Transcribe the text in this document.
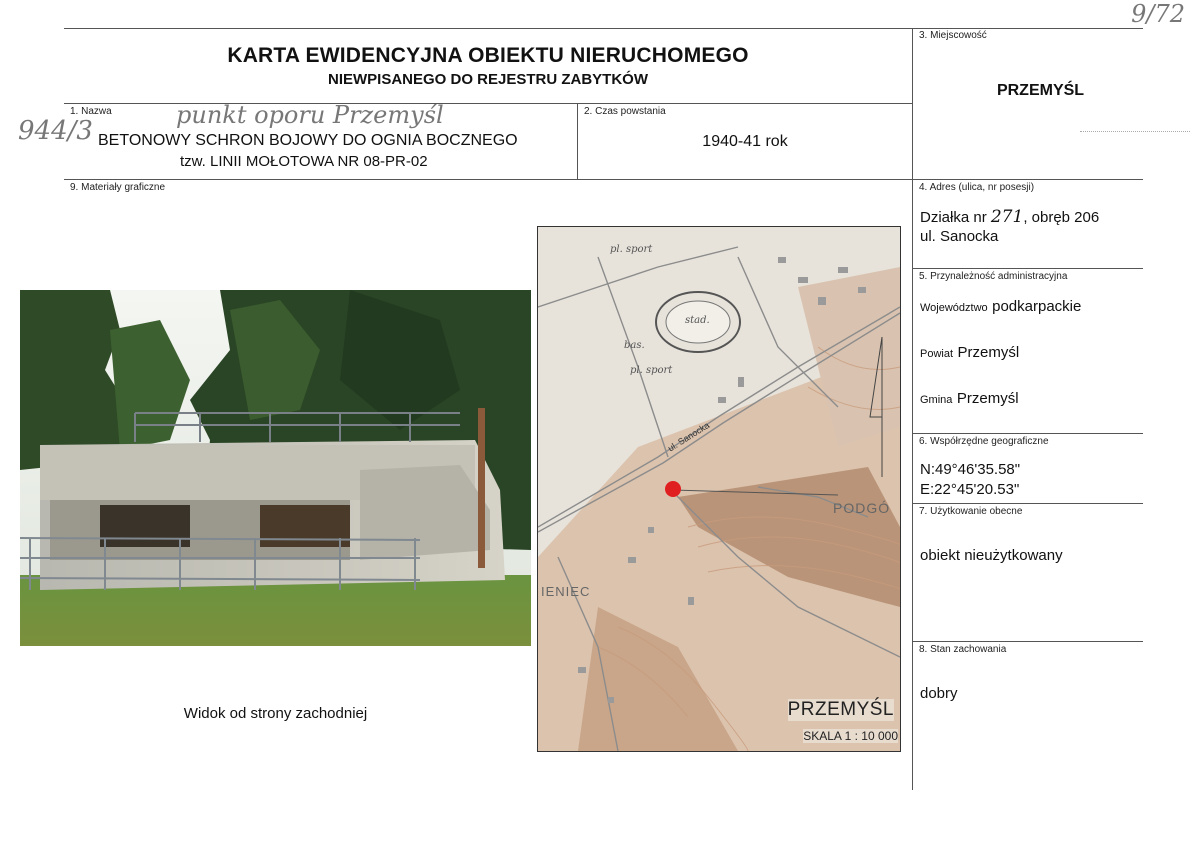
KARTA EWIDENCYJNA OBIEKTU NIERUCHOMEGO
NIEWPISANEGO DO REJESTRU ZABYTKÓW
9/72
1. Nazwa	punkt oporu Przemyśl
944/3 BETONOWY SCHRON BOJOWY DO OGNIA BOCZNEGO
tzw. LINII MOŁOTOWA NR 08-PR-02
2. Czas powstania
1940-41 rok
3. Miejscowość
PRZEMYŚL
4. Adres (ulica, nr posesji)
Działka nr 271, obręb 206
ul. Sanocka
5. Przynależność administracyjna
Województwo podkarpackie
Powiat Przemyśl
Gmina Przemyśl
6. Współrzędne geograficzne
N:49°46'35.58"
E:22°45'20.53"
7. Użytkowanie obecne
obiekt nieużytkowany
8. Stan zachowania
dobry
9. Materiały graficzne
Widok od strony zachodniej
pl. sport
stad.
bas.
pl. sport
ul. Sanocka
PODGÓ
IENIEC
PRZEMYŚL
SKALA 1 : 10 000
